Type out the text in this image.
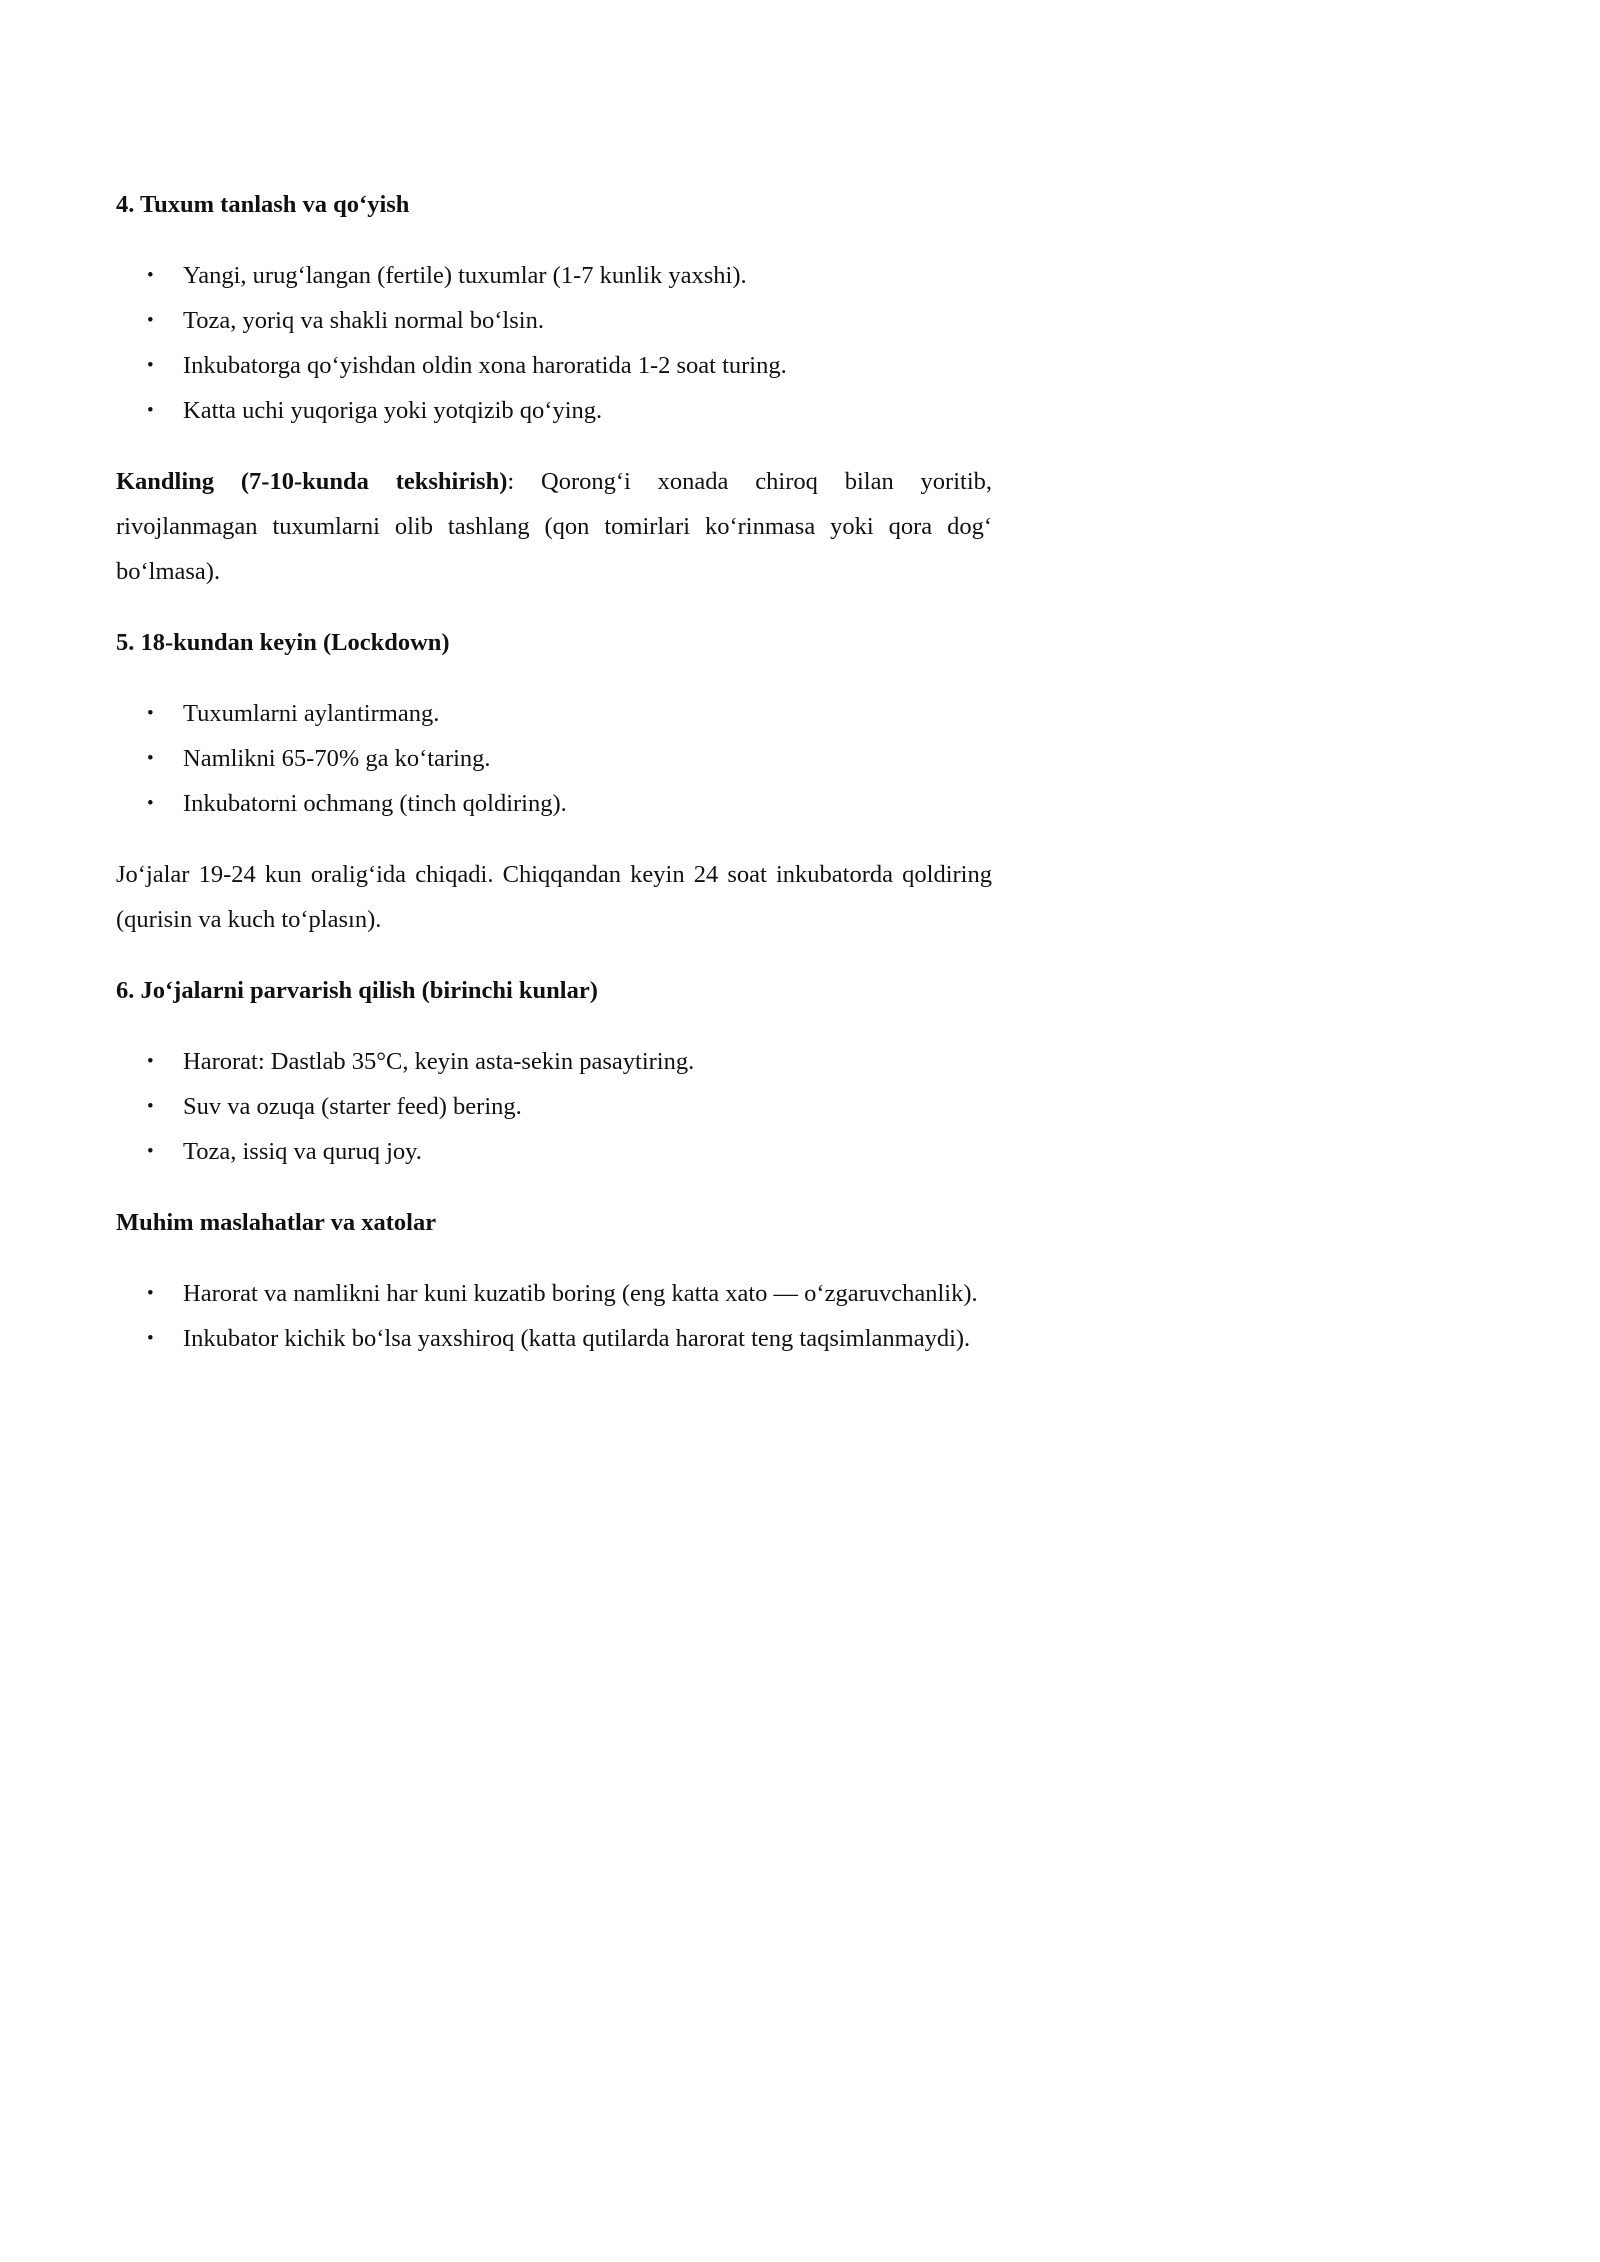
4. Tuxum tanlash va qo‘yish
• Yangi, urug‘langan (fertile) tuxumlar (1-7 kunlik yaxshi).
• Toza, yoriq va shakli normal bo‘lsin.
• Inkubatorga qo‘yishdan oldin xona haroratida 1-2 soat turing.
• Katta uchi yuqoriga yoki yotqizib qo‘ying.

Kandling (7-10-kunda tekshirish): Qorong‘i xonada chiroq bilan yoritib, rivojlanmagan tuxumlarni olib tashlang (qon tomirlari ko‘rinmasa yoki qora dog‘ bo‘lmasa).

5. 18-kundan keyin (Lockdown)
• Tuxumlarni aylantirmang.
• Namlikni 65-70% ga ko‘taring.
• Inkubatorni ochmang (tinch qoldiring).

Jo‘jalar 19-24 kun oralig‘ida chiqadi. Chiqqandan keyin 24 soat inkubatorda qoldiring (qurisin va kuch to‘plasın).

6. Jo‘jalarni parvarish qilish (birinchi kunlar)
• Harorat: Dastlab 35°C, keyin asta-sekin pasaytiring.
• Suv va ozuqa (starter feed) bering.
• Toza, issiq va quruq joy.
Muhim maslahatlar va xatolar
• Harorat va namlikni har kuni kuzatib boring (eng katta xato — o‘zgaruvchanlik).
• Inkubator kichik bo‘lsa yaxshiroq (katta qutilarda harorat teng taqsimlanmaydi).
